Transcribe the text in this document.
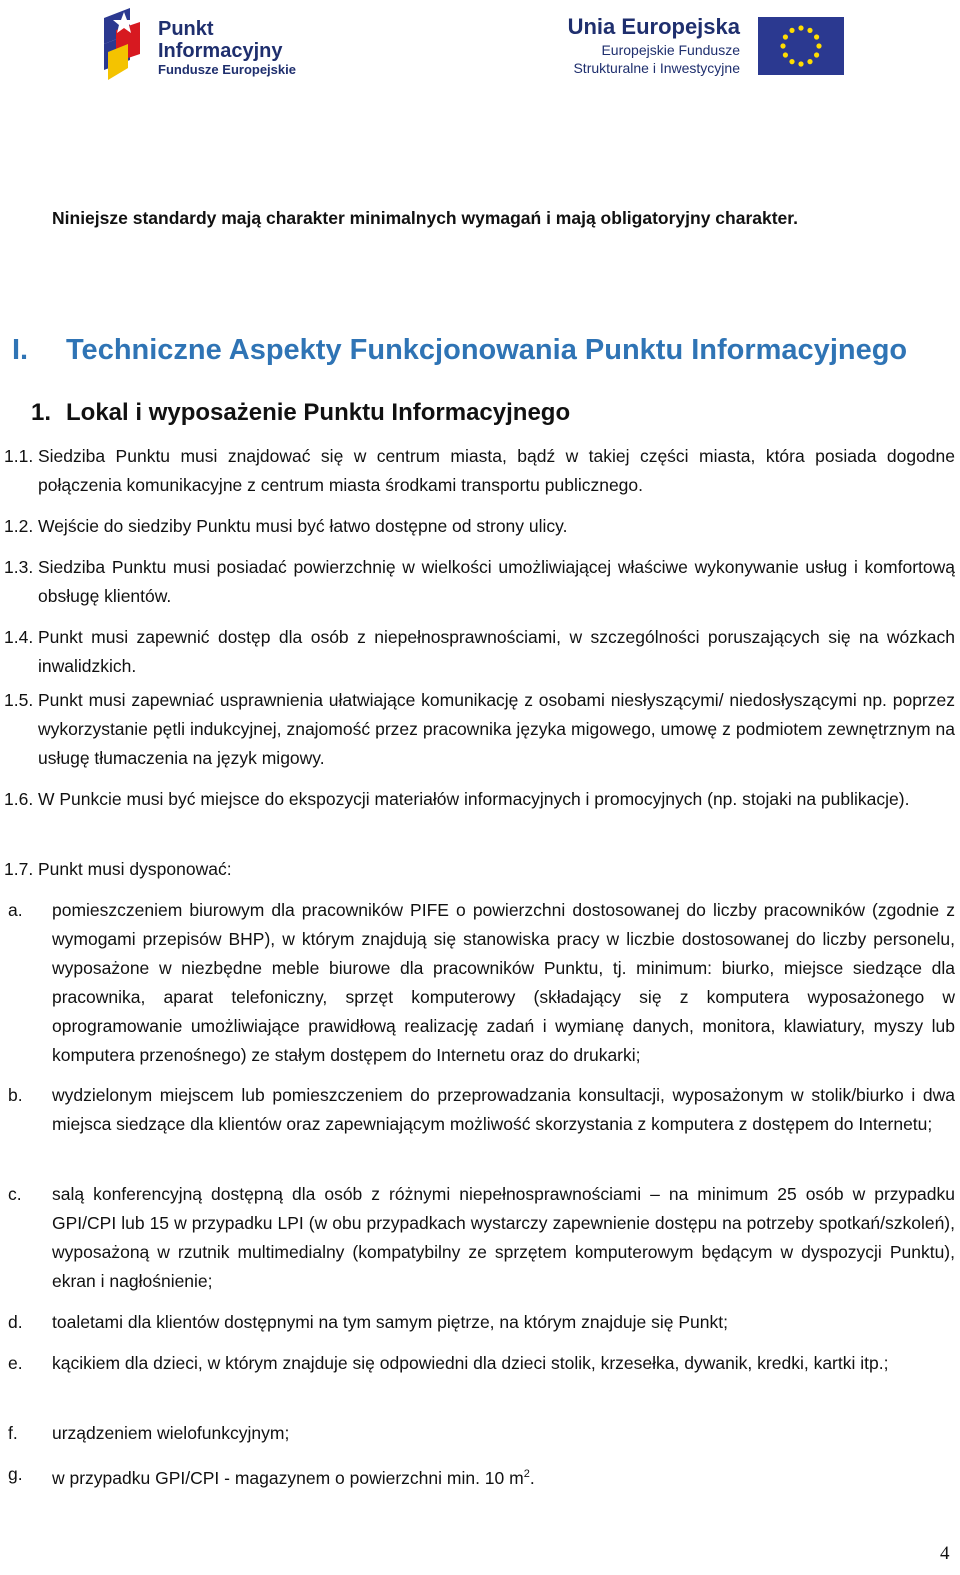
Punkt
Informacyjny
Fundusze Europejskie
Unia Europejska
Europejskie Fundusze
Strukturalne i Inwestycyjne
Niniejsze standardy mają charakter minimalnych wymagań i mają obligatoryjny charakter.
I. Techniczne Aspekty Funkcjonowania Punktu Informacyjnego
1. Lokal i wyposażenie Punktu Informacyjnego
1.1. Siedziba Punktu musi znajdować się w centrum miasta, bądź w takiej części miasta, która posiada dogodne połączenia komunikacyjne z centrum miasta środkami transportu publicznego.
1.2. Wejście do siedziby Punktu musi być łatwo dostępne od strony ulicy.
1.3. Siedziba Punktu musi posiadać powierzchnię w wielkości umożliwiającej właściwe wykonywanie usług i komfortową obsługę klientów.
1.4. Punkt musi zapewnić dostęp dla osób z niepełnosprawnościami, w szczególności poruszających się na wózkach inwalidzkich.
1.5. Punkt musi zapewniać usprawnienia ułatwiające komunikację z osobami niesłyszącymi/ niedosłyszącymi np. poprzez wykorzystanie pętli indukcyjnej, znajomość przez pracownika języka migowego, umowę z podmiotem zewnętrznym na usługę tłumaczenia na język migowy.
1.6. W Punkcie musi być miejsce do ekspozycji materiałów informacyjnych i promocyjnych (np. stojaki na publikacje).
1.7. Punkt musi dysponować:
a. pomieszczeniem biurowym dla pracowników PIFE o powierzchni dostosowanej do liczby pracowników (zgodnie z wymogami przepisów BHP), w którym znajdują się stanowiska pracy w liczbie dostosowanej do liczby personelu, wyposażone w niezbędne meble biurowe dla pracowników Punktu, tj. minimum: biurko, miejsce siedzące dla pracownika, aparat telefoniczny, sprzęt komputerowy (składający się z komputera wyposażonego w oprogramowanie umożliwiające prawidłową realizację zadań i wymianę danych, monitora, klawiatury, myszy lub komputera przenośnego) ze stałym dostępem do Internetu oraz do drukarki;
b. wydzielonym miejscem lub pomieszczeniem do przeprowadzania konsultacji, wyposażonym w stolik/biurko i dwa miejsca siedzące dla klientów oraz zapewniającym możliwość skorzystania z komputera z dostępem do Internetu;
c. salą konferencyjną dostępną dla osób z różnymi niepełnosprawnościami – na minimum 25 osób w przypadku GPI/CPI lub 15 w przypadku LPI (w obu przypadkach wystarczy zapewnienie dostępu na potrzeby spotkań/szkoleń), wyposażoną w rzutnik multimedialny (kompatybilny ze sprzętem komputerowym będącym w dyspozycji Punktu), ekran i nagłośnienie;
d. toaletami dla klientów dostępnymi na tym samym piętrze, na którym znajduje się Punkt;
e. kącikiem dla dzieci, w którym znajduje się odpowiedni dla dzieci stolik, krzesełka, dywanik, kredki, kartki itp.;
f. urządzeniem wielofunkcyjnym;
g. w przypadku GPI/CPI - magazynem o powierzchni min. 10 $m^2$.
4
